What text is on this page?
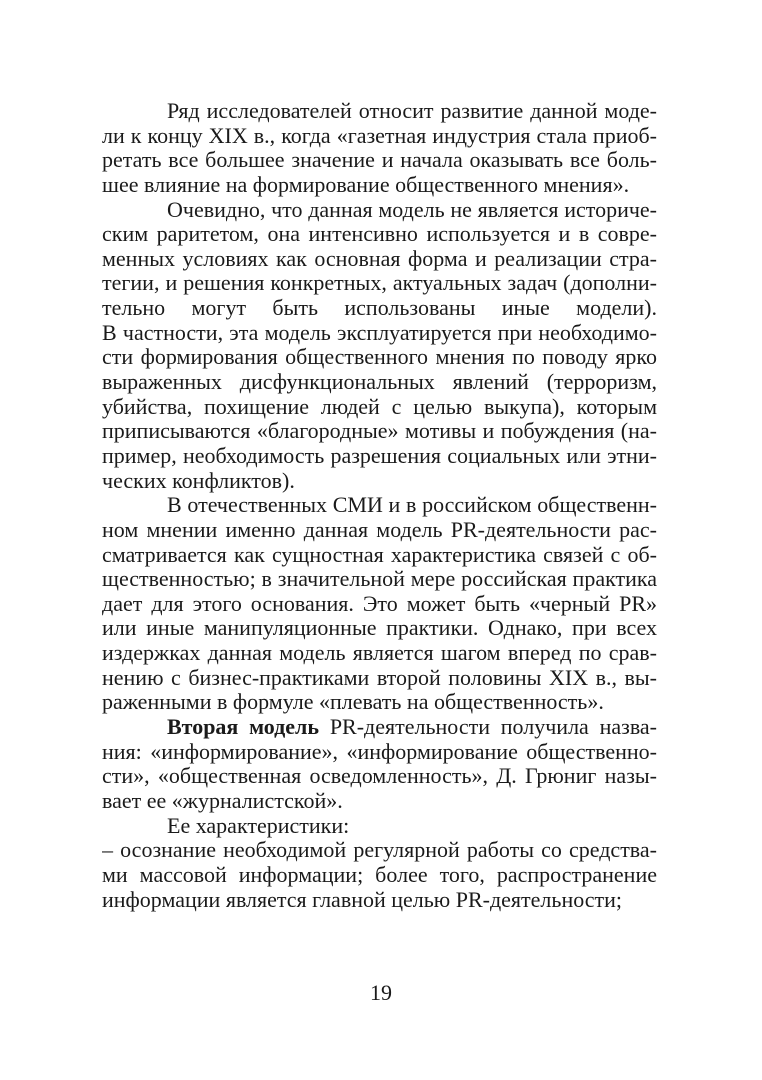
Ряд исследователей относит развитие данной моде-
ли к концу XIX в., когда «газетная индустрия стала приоб-
ретать все большее значение и начала оказывать все боль-
шее влияние на формирование общественного мнения».
Очевидно, что данная модель не является историче-
ским раритетом, она интенсивно используется и в совре-
менных условиях как основная форма и реализации стра-
тегии, и решения конкретных, актуальных задач (дополни-
тельно могут быть использованы иные модели).
В частности, эта модель эксплуатируется при необходимо-
сти формирования общественного мнения по поводу ярко
выраженных дисфункциональных явлений (терроризм,
убийства, похищение людей с целью выкупа), которым
приписываются «благородные» мотивы и побуждения (на-
пример, необходимость разрешения социальных или этни-
ческих конфликтов).
В отечественных СМИ и в российском общественн-
ном мнении именно данная модель PR-деятельности рас-
сматривается как сущностная характеристика связей с об-
щественностью; в значительной мере российская практика
дает для этого основания. Это может быть «черный PR»
или иные манипуляционные практики. Однако, при всех
издержках данная модель является шагом вперед по срав-
нению с бизнес-практиками второй половины XIX в., вы-
раженными в формуле «плевать на общественность».
Вторая модель PR-деятельности получила назва-
ния: «информирование», «информирование общественно-
сти», «общественная осведомленность», Д. Грюниг назы-
вает ее «журналистской».
Ее характеристики:
– осознание необходимой регулярной работы со средства-
ми массовой информации; более того, распространение
информации является главной целью PR-деятельности;
19
